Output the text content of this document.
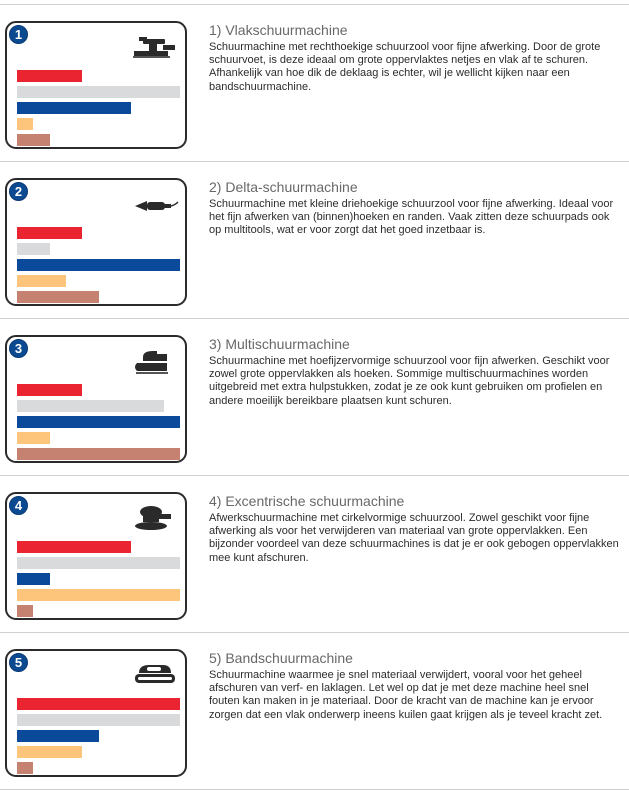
1	1) Vlakschuurmachine

Schuurmachine met rechthoekige schuurzool voor fijne afwerking. Door de grote schuurvoet, is deze ideaal om grote oppervlaktes netjes en vlak af te schuren. Afhankelijk van hoe dik de deklaag is echter, wil je wellicht kijken naar een bandschuurmachine.

2	2) Delta-schuurmachine

Schuurmachine met kleine driehoekige schuurzool voor fijne afwerking. Ideaal voor het fijn afwerken van (binnen)hoeken en randen. Vaak zitten deze schuurpads ook op multitools, wat er voor zorgt dat het goed inzetbaar is.

3	3) Multischuurmachine

Schuurmachine met hoefijzervormige schuurzool voor fijn afwerken. Geschikt voor zowel grote oppervlakken als hoeken. Sommige multischuurmachines worden uitgebreid met extra hulpstukken, zodat je ze ook kunt gebruiken om profielen en andere moeilijk bereikbare plaatsen kunt schuren.

4	4) Excentrische schuurmachine

Afwerkschuurmachine met cirkelvormige schuurzool. Zowel geschikt voor fijne afwerking als voor het verwijderen van materiaal van grote oppervlakken. Een bijzonder voordeel van deze schuurmachines is dat je er ook gebogen oppervlakken mee kunt afschuren.

5	5) Bandschuurmachine

Schuurmachine waarmee je snel materiaal verwijdert, vooral voor het geheel afschuren van verf- en laklagen. Let wel op dat je met deze machine heel snel fouten kan maken in je materiaal. Door de kracht van de machine kan je ervoor zorgen dat een vlak onderwerp ineens kuilen gaat krijgen als je teveel kracht zet.
